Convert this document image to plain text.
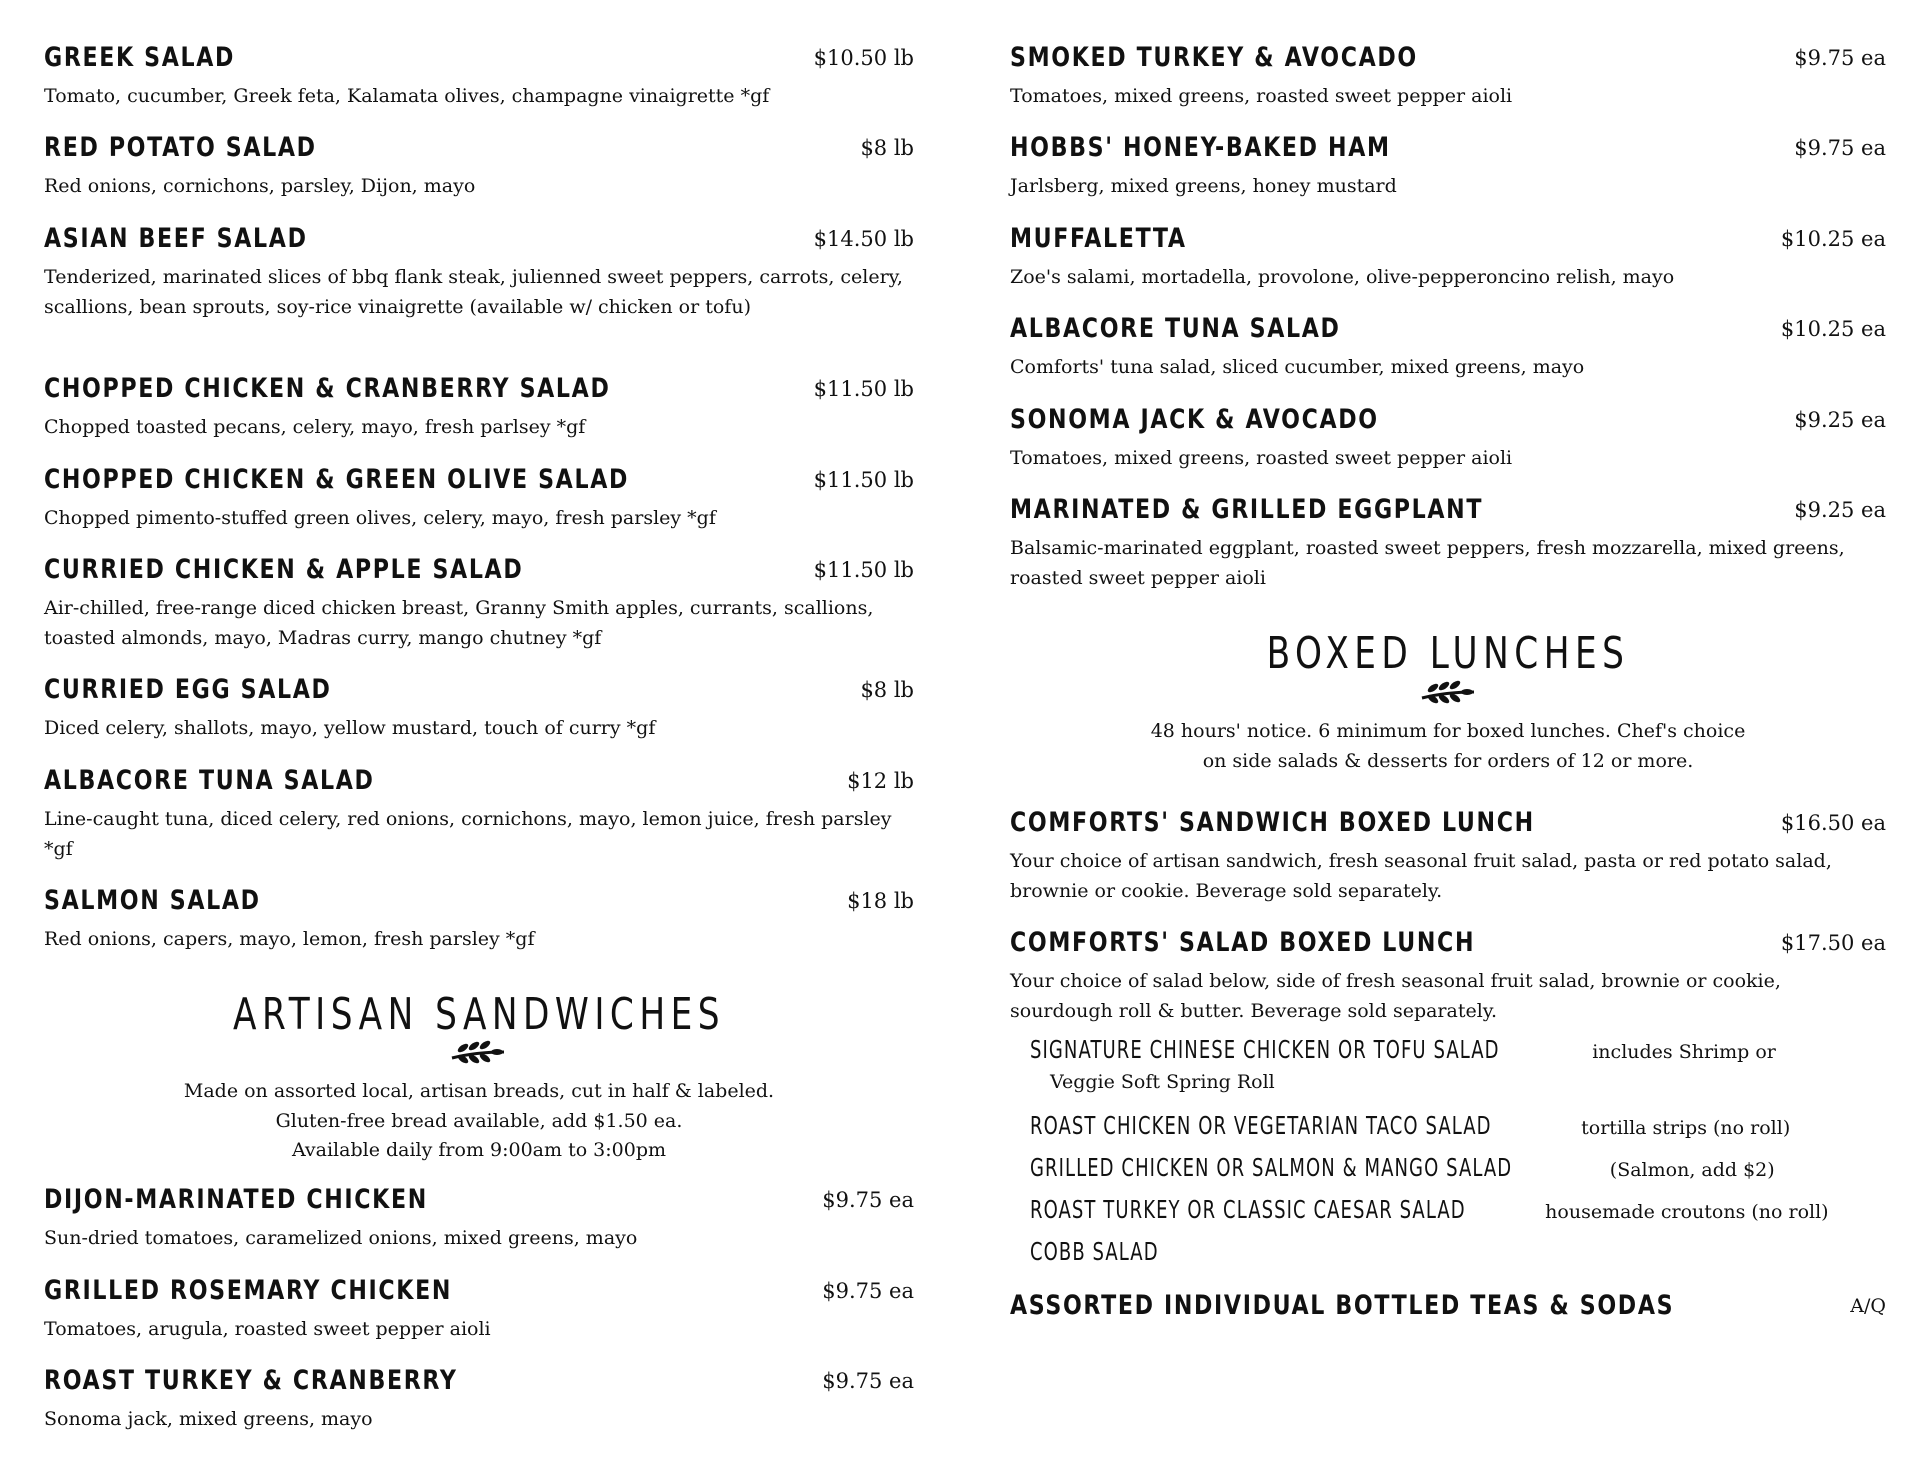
GREEK SALAD	$10.50 lb
Tomato, cucumber, Greek feta, Kalamata olives, champagne vinaigrette *gf
RED POTATO SALAD	$8 lb
Red onions, cornichons, parsley, Dijon, mayo
ASIAN BEEF SALAD	$14.50 lb
Tenderized, marinated slices of bbq flank steak, julienned sweet peppers, carrots, celery, scallions, bean sprouts, soy-rice vinaigrette (available w/ chicken or tofu)
CHOPPED CHICKEN & CRANBERRY SALAD	$11.50 lb
Chopped toasted pecans, celery, mayo, fresh parlsey *gf
CHOPPED CHICKEN & GREEN OLIVE SALAD	$11.50 lb
Chopped pimento-stuffed green olives, celery, mayo, fresh parsley *gf
CURRIED CHICKEN & APPLE SALAD	$11.50 lb
Air-chilled, free-range diced chicken breast, Granny Smith apples, currants, scallions, toasted almonds, mayo, Madras curry, mango chutney *gf
CURRIED EGG SALAD	$8 lb
Diced celery, shallots, mayo, yellow mustard, touch of curry *gf
ALBACORE TUNA SALAD	$12 lb
Line-caught tuna, diced celery, red onions, cornichons, mayo, lemon juice, fresh parsley *gf
SALMON SALAD	$18 lb
Red onions, capers, mayo, lemon, fresh parsley *gf
ARTISAN SANDWICHES
Made on assorted local, artisan breads, cut in half & labeled.
Gluten-free bread available, add $1.50 ea.
Available daily from 9:00am to 3:00pm
DIJON-MARINATED CHICKEN	$9.75 ea
Sun-dried tomatoes, caramelized onions, mixed greens, mayo
GRILLED ROSEMARY CHICKEN	$9.75 ea
Tomatoes, arugula, roasted sweet pepper aioli
ROAST TURKEY & CRANBERRY	$9.75 ea
Sonoma jack, mixed greens, mayo
SMOKED TURKEY & AVOCADO	$9.75 ea
Tomatoes, mixed greens, roasted sweet pepper aioli
HOBBS' HONEY-BAKED HAM	$9.75 ea
Jarlsberg, mixed greens, honey mustard
MUFFALETTA	$10.25 ea
Zoe's salami, mortadella, provolone, olive-pepperoncino relish, mayo
ALBACORE TUNA SALAD	$10.25 ea
Comforts' tuna salad, sliced cucumber, mixed greens, mayo
SONOMA JACK & AVOCADO	$9.25 ea
Tomatoes, mixed greens, roasted sweet pepper aioli
MARINATED & GRILLED EGGPLANT	$9.25 ea
Balsamic-marinated eggplant, roasted sweet peppers, fresh mozzarella, mixed greens, roasted sweet pepper aioli
BOXED LUNCHES
48 hours' notice. 6 minimum for boxed lunches. Chef's choice
on side salads & desserts for orders of 12 or more.
COMFORTS' SANDWICH BOXED LUNCH	$16.50 ea
Your choice of artisan sandwich, fresh seasonal fruit salad, pasta or red potato salad, brownie or cookie. Beverage sold separately.
COMFORTS' SALAD BOXED LUNCH	$17.50 ea
Your choice of salad below, side of fresh seasonal fruit salad, brownie or cookie, sourdough roll & butter. Beverage sold separately.
SIGNATURE CHINESE CHICKEN OR TOFU SALAD	includes Shrimp or
Veggie Soft Spring Roll
ROAST CHICKEN OR VEGETARIAN TACO SALAD	tortilla strips (no roll)
GRILLED CHICKEN OR SALMON & MANGO SALAD	(Salmon, add $2)
ROAST TURKEY OR CLASSIC CAESAR SALAD	housemade croutons (no roll)
COBB SALAD
ASSORTED INDIVIDUAL BOTTLED TEAS & SODAS	A/Q
